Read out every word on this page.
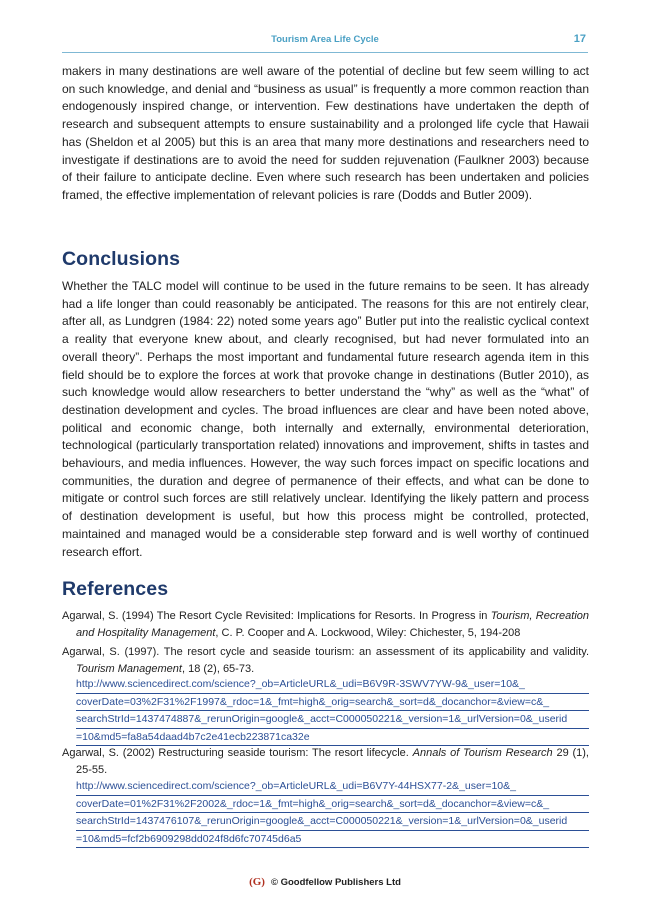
Tourism Area Life Cycle	17

makers in many destinations are well aware of the potential of decline but few seem willing to act on such knowledge, and denial and “business as usual” is frequently a more common reaction than endogenously inspired change, or intervention. Few destinations have undertaken the depth of research and subsequent attempts to ensure sustainability and a prolonged life cycle that Hawaii has (Sheldon et al 2005) but this is an area that many more destinations and researchers need to investigate if destinations are to avoid the need for sudden rejuvenation (Faulkner 2003) because of their failure to anticipate decline. Even where such research has been undertaken and policies framed, the effective implementation of relevant policies is rare (Dodds and Butler 2009).

Conclusions

Whether the TALC model will continue to be used in the future remains to be seen. It has already had a life longer than could reasonably be anticipated. The reasons for this are not entirely clear, after all, as Lundgren (1984: 22) noted some years ago” Butler put into the realistic cyclical context a reality that everyone knew about, and clearly recognised, but had never formulated into an overall theory”. Perhaps the most important and fundamental future research agenda item in this field should be to explore the forces at work that provoke change in destinations (Butler 2010), as such knowledge would allow researchers to better understand the “why” as well as the “what” of destination development and cycles. The broad influences are clear and have been noted above, political and economic change, both internally and externally, environmental deterioration, technological (particularly transportation related) innovations and improvement, shifts in tastes and behaviours, and media influences. However, the way such forces impact on specific locations and communities, the duration and degree of permanence of their effects, and what can be done to mitigate or control such forces are still relatively unclear. Identifying the likely pattern and process of destination development is useful, but how this process might be controlled, protected, maintained and managed would be a considerable step forward and is well worthy of continued research effort.

References

Agarwal, S. (1994) The Resort Cycle Revisited: Implications for Resorts. In Progress in Tourism, Recreation and Hospitality Management, C. P. Cooper and A. Lockwood, Wiley: Chichester, 5, 194-208

Agarwal, S. (1997). The resort cycle and seaside tourism: an assessment of its applicability and validity. Tourism Management, 18 (2), 65-73.

http://www.sciencedirect.com/science?_ob=ArticleURL&_udi=B6V9R-3SWV7YW-9&_user=10&_
coverDate=03%2F31%2F1997&_rdoc=1&_fmt=high&_orig=search&_sort=d&_docanchor=&view=c&_
searchStrId=1437474887&_rerunOrigin=google&_acct=C000050221&_version=1&_urlVersion=0&_userid
=10&md5=fa8a54daad4b7c2e41ecb223871ca32e

Agarwal, S. (2002) Restructuring seaside tourism: The resort lifecycle. Annals of Tourism Research 29 (1), 25-55.

http://www.sciencedirect.com/science?_ob=ArticleURL&_udi=B6V7Y-44HSX77-2&_user=10&_
coverDate=01%2F31%2F2002&_rdoc=1&_fmt=high&_orig=search&_sort=d&_docanchor=&view=c&_
searchStrId=1437476107&_rerunOrigin=google&_acct=C000050221&_version=1&_urlVersion=0&_userid
=10&md5=fcf2b6909298dd024f8d6fc70745d6a5
(G) © Goodfellow Publishers Ltd
